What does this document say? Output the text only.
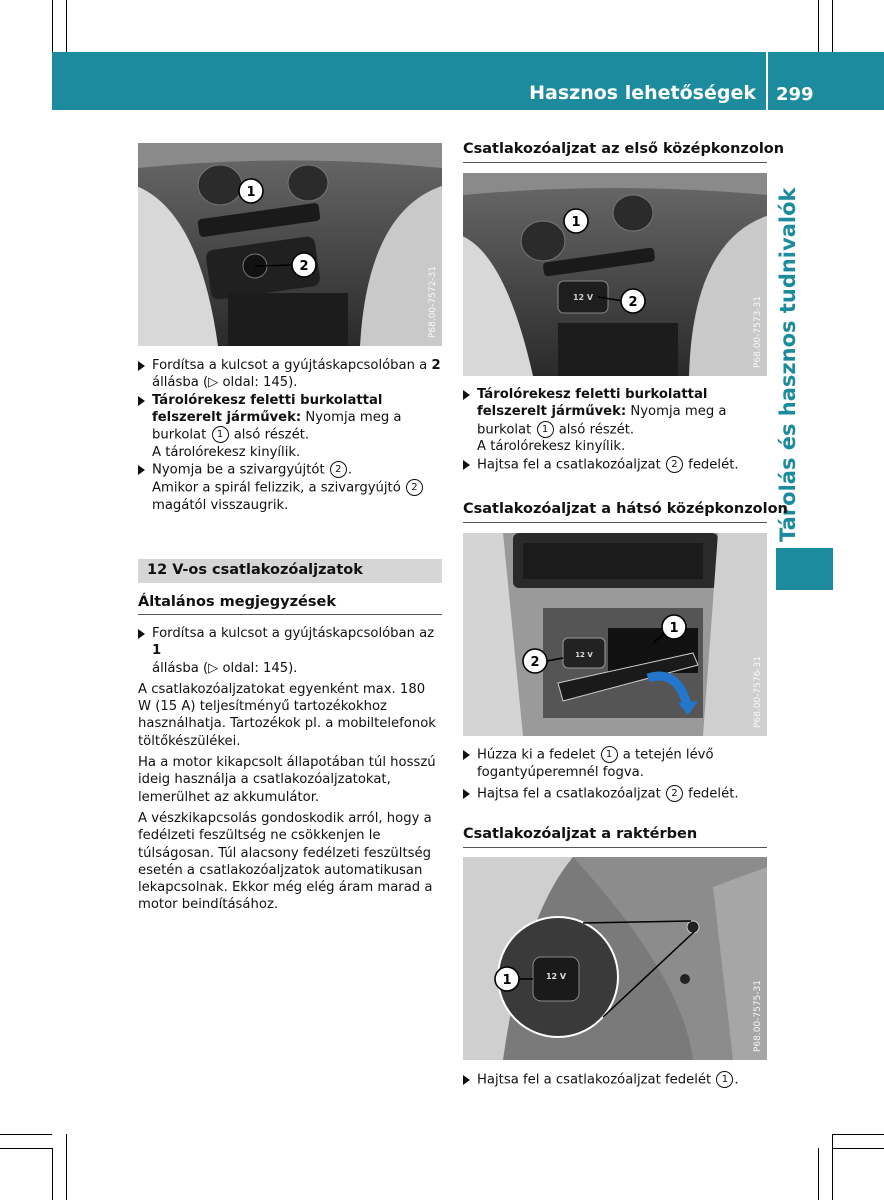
Hasznos lehetőségek 299
Tárolás és hasznos tudnivalók
1
2	P68.00-7572-31

Fordítsa a kulcsot a gyújtáskapcsolóban a 2
állásba (▷ oldal: 145).

Tárolórekesz feletti burkolattal felszerelt járművek: Nyomja meg a burkolat 1 alsó részét.
A tárolórekesz kinyílik.

Nyomja be a szivargyújtót 2 .
Amikor a spirál felizzik, a szivargyújtó 2 magától visszaugrik.

12 V-os csatlakozóaljzatok
Általános megjegyzések

Fordítsa a kulcsot a gyújtáskapcsolóban az 1
állásba (▷ oldal: 145).

A csatlakozóaljzatokat egyenként max. 180 W (15 A) teljesítményű tartozékokhoz használhatja. Tartozékok pl. a mobiltelefonok töltőkészülékei.

Ha a motor kikapcsolt állapotában túl hosszú ideig használja a csatlakozóaljzatokat, lemerülhet az akkumulátor.

A vészkikapcsolás gondoskodik arról, hogy a fedélzeti feszültség ne csökkenjen le túlságosan. Túl alacsony fedélzeti feszültség esetén a csatlakozóaljzatok automatikusan lekapcsolnak. Ekkor még elég áram marad a motor beindításához.

Csatlakozóaljzat az első középkonzolon
12 V
1
2	P68.00-7573-31

Tárolórekesz feletti burkolattal felszerelt járművek: Nyomja meg a burkolat 1 alsó részét.
A tárolórekesz kinyílik.

Hajtsa fel a csatlakozóaljzat 2 fedelét.

Csatlakozóaljzat a hátsó középkonzolon
12 V
2
1
P68.00-7576-31

Húzza ki a fedelet 1 a tetején lévő fogantyúperemnél fogva.

Hajtsa fel a csatlakozóaljzat 2 fedelét.

Csatlakozóaljzat a raktérben
12 V
1	P68.00-7575-31

Hajtsa fel a csatlakozóaljzat fedelét 1 .
